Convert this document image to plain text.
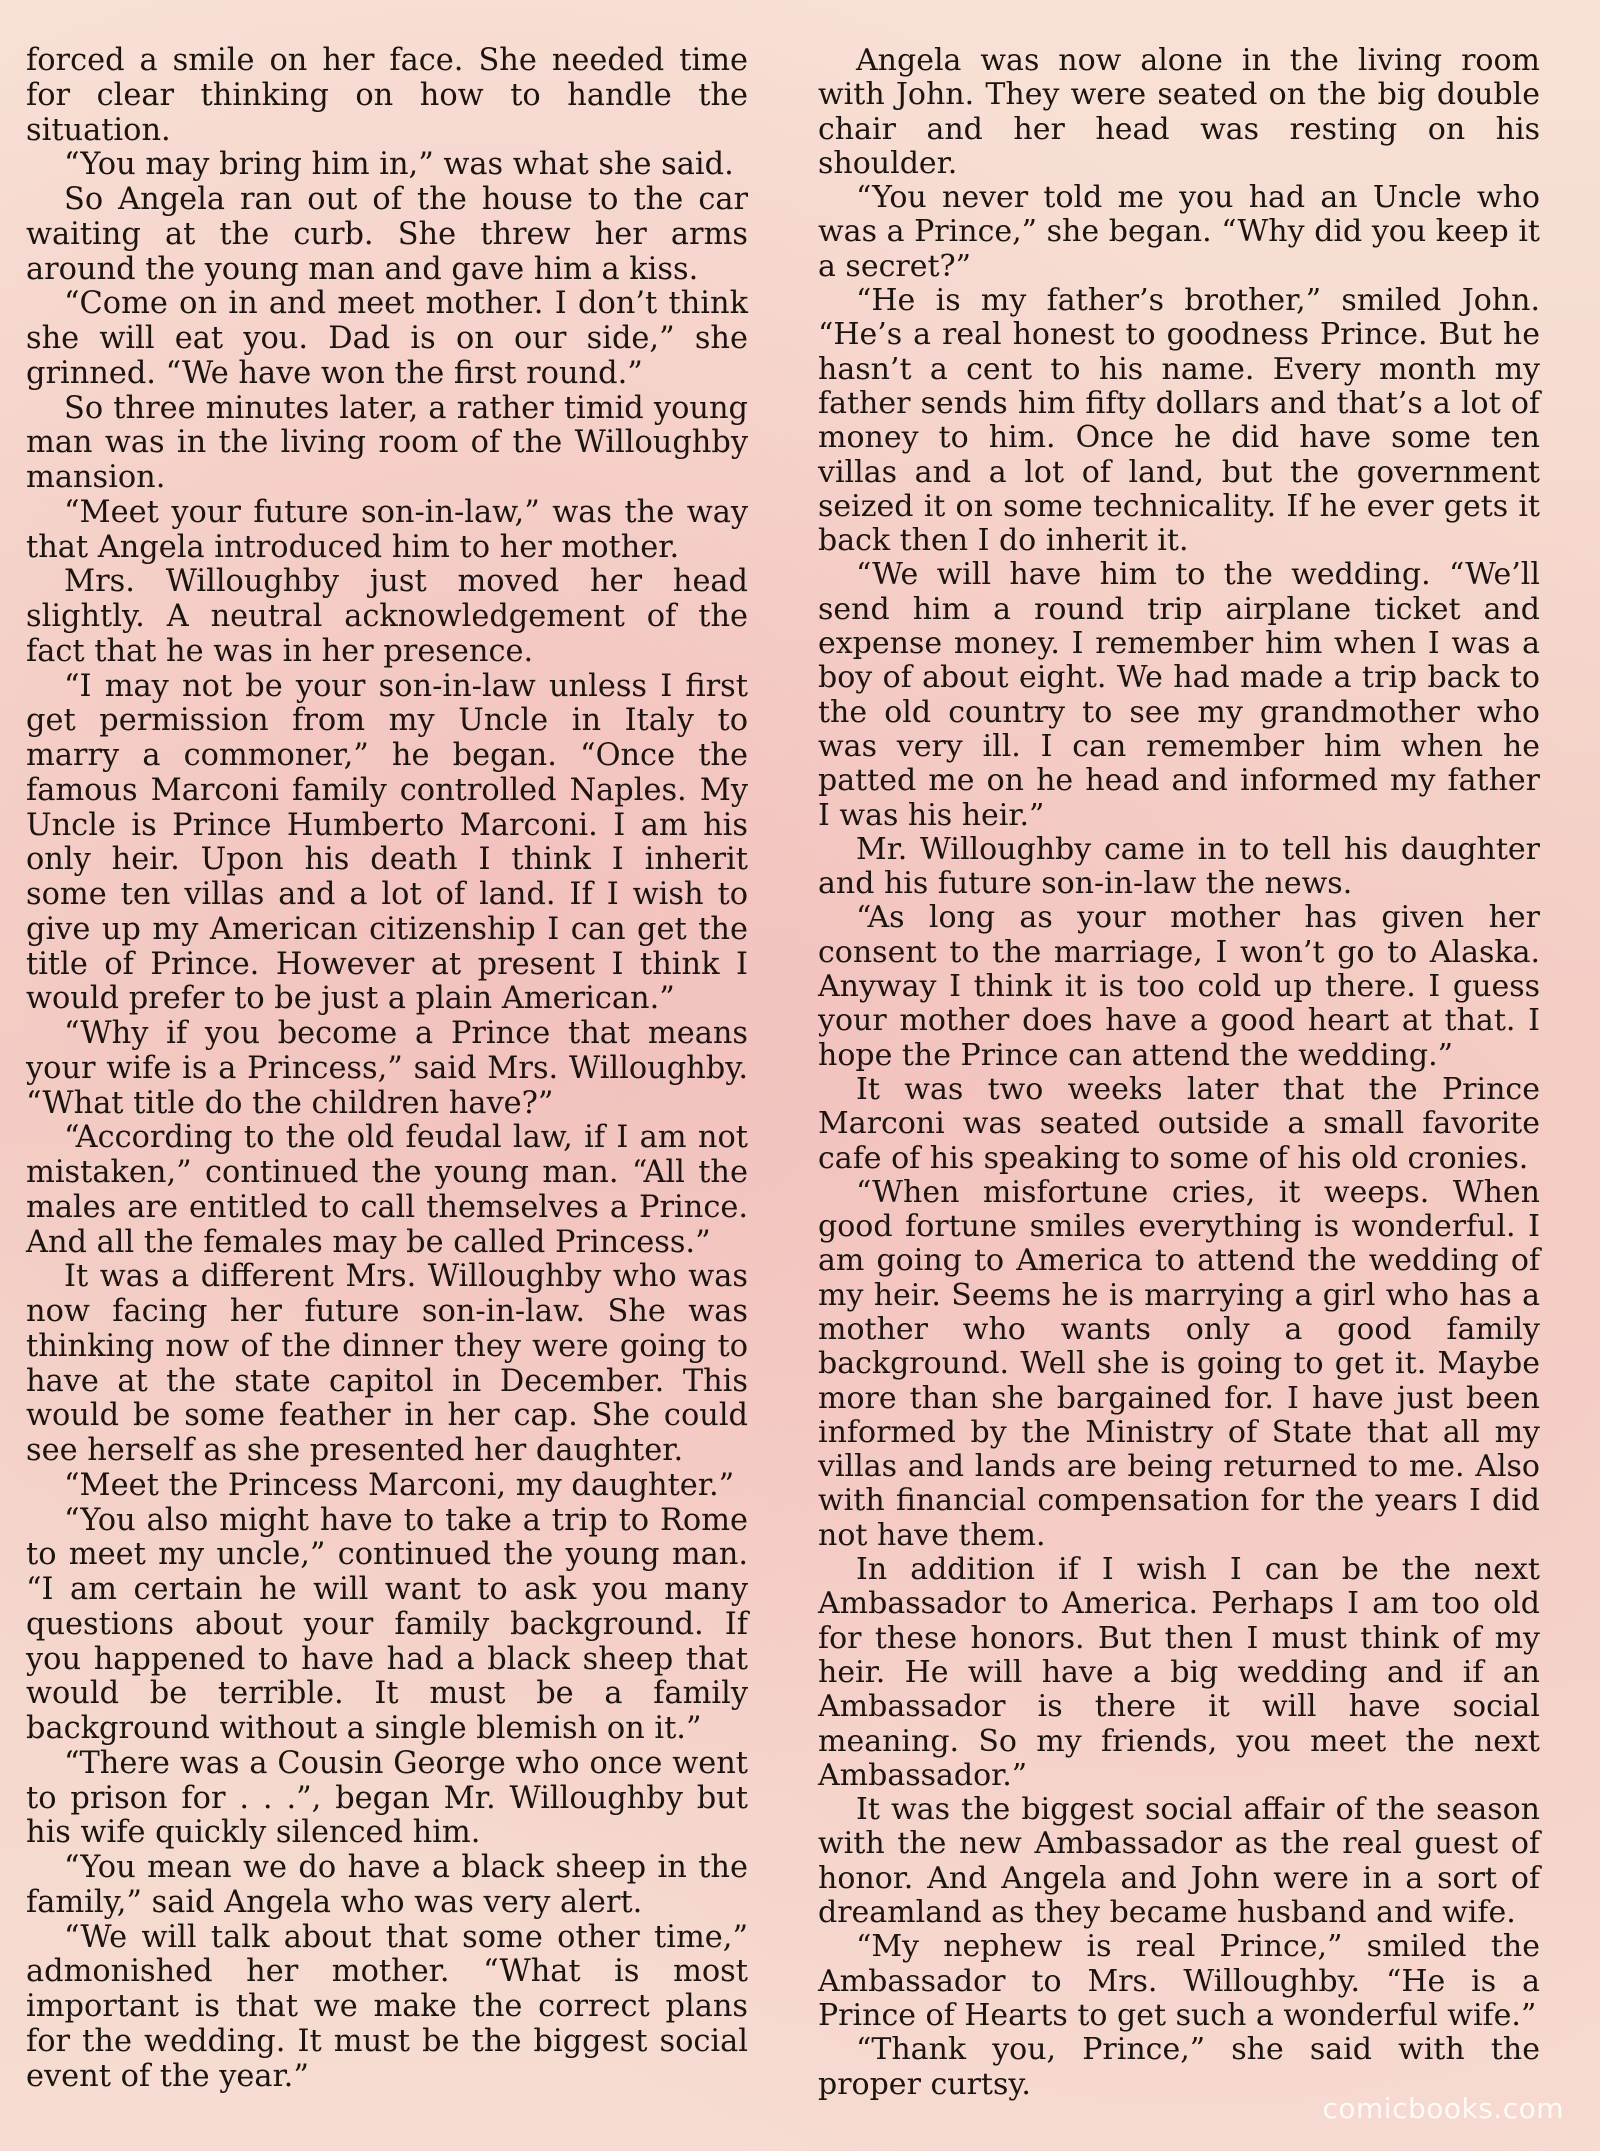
forced a smile on her face. She needed time for clear thinking on how to handle the situation.

“You may bring him in,” was what she said.

So Angela ran out of the house to the car waiting at the curb. She threw her arms around the young man and gave him a kiss.

“Come on in and meet mother. I don’t think she will eat you. Dad is on our side,” she grinned. “We have won the first round.”

So three minutes later, a rather timid young man was in the living room of the Willoughby mansion.

“Meet your future son-in-law,” was the way that Angela introduced him to her mother.

Mrs. Willoughby just moved her head slightly. A neutral acknowledgement of the fact that he was in her presence.

“I may not be your son-in-law unless I first get permission from my Uncle in Italy to marry a commoner,” he began. “Once the famous Marconi family controlled Naples. My Uncle is Prince Humberto Marconi. I am his only heir. Upon his death I think I inherit some ten villas and a lot of land. If I wish to give up my American citizenship I can get the title of Prince. However at present I think I would prefer to be just a plain American.”

“Why if you become a Prince that means your wife is a Princess,” said Mrs. Willoughby. “What title do the children have?”

“According to the old feudal law, if I am not mistaken,” continued the young man. “All the males are entitled to call themselves a Prince. And all the females may be called Princess.”

It was a different Mrs. Willoughby who was now facing her future son-in-law. She was thinking now of the dinner they were going to have at the state capitol in December. This would be some feather in her cap. She could see herself as she presented her daughter.

“Meet the Princess Marconi, my daughter.”

“You also might have to take a trip to Rome to meet my uncle,” continued the young man. “I am certain he will want to ask you many questions about your family background. If you happened to have had a black sheep that would be terrible. It must be a family background without a single blemish on it.”

“There was a Cousin George who once went to prison for . . .”, began Mr. Willoughby but his wife quickly silenced him.

“You mean we do have a black sheep in the family,” said Angela who was very alert.

“We will talk about that some other time,” admonished her mother. “What is most important is that we make the correct plans for the wedding. It must be the biggest social event of the year.”

Angela was now alone in the living room with John. They were seated on the big double chair and her head was resting on his shoulder.

“You never told me you had an Uncle who was a Prince,” she began. “Why did you keep it a secret?”

“He is my father’s brother,” smiled John. “He’s a real honest to goodness Prince. But he hasn’t a cent to his name. Every month my father sends him fifty dollars and that’s a lot of money to him. Once he did have some ten villas and a lot of land, but the government seized it on some technicality. If he ever gets it back then I do inherit it.

“We will have him to the wedding. “We’ll send him a round trip airplane ticket and expense money. I remember him when I was a boy of about eight. We had made a trip back to the old country to see my grandmother who was very ill. I can remember him when he patted me on he head and informed my father I was his heir.”

Mr. Willoughby came in to tell his daughter and his future son-in-law the news.

“As long as your mother has given her consent to the marriage, I won’t go to Alaska. Anyway I think it is too cold up there. I guess your mother does have a good heart at that. I hope the Prince can attend the wedding.”

It was two weeks later that the Prince Marconi was seated outside a small favorite cafe of his speaking to some of his old cronies.

“When misfortune cries, it weeps. When good fortune smiles everything is wonderful. I am going to America to attend the wedding of my heir. Seems he is marrying a girl who has a mother who wants only a good family background. Well she is going to get it. Maybe more than she bargained for. I have just been informed by the Ministry of State that all my villas and lands are being returned to me. Also with financial compensation for the years I did not have them.

In addition if I wish I can be the next Ambassador to America. Perhaps I am too old for these honors. But then I must think of my heir. He will have a big wedding and if an Ambassador is there it will have social meaning. So my friends, you meet the next Ambassador.”

It was the biggest social affair of the season with the new Ambassador as the real guest of honor. And Angela and John were in a sort of dreamland as they became husband and wife.

“My nephew is real Prince,” smiled the Ambassador to Mrs. Willoughby. “He is a Prince of Hearts to get such a wonderful wife.”

“Thank you, Prince,” she said with the proper curtsy.

comicbooks.com
